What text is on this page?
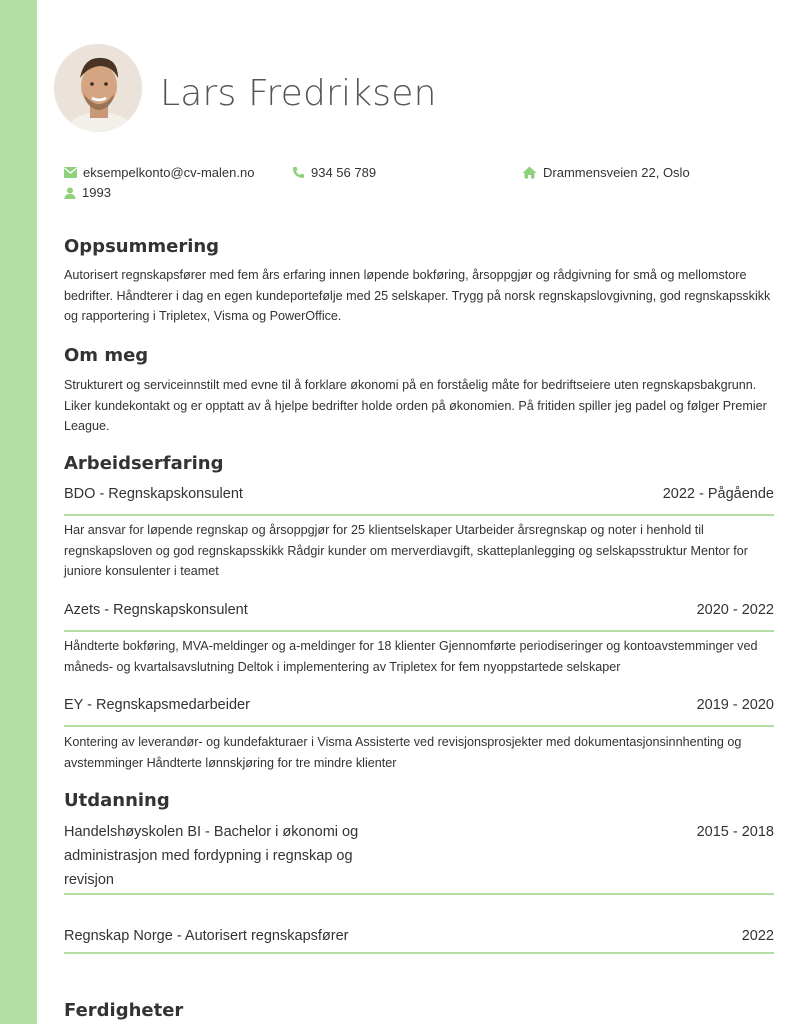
Lars Fredriksen
eksempelkonto@cv-malen.no	934 56 789	Drammensveien 22, Oslo
1993
Oppsummering

Autorisert regnskapsfører med fem års erfaring innen løpende bokføring, årsoppgjør og rådgivning for små og mellomstore bedrifter. Håndterer i dag en egen kundeportefølje med 25 selskaper. Trygg på norsk regnskapslovgivning, god regnskapsskikk og rapportering i Tripletex, Visma og PowerOffice.

Om meg

Strukturert og serviceinnstilt med evne til å forklare økonomi på en forståelig måte for bedriftseiere uten regnskapsbakgrunn. Liker kundekontakt og er opptatt av å hjelpe bedrifter holde orden på økonomien. På fritiden spiller jeg padel og følger Premier League.

Arbeidserfaring
BDO - Regnskapskonsulent	2022 - Pågående

Har ansvar for løpende regnskap og årsoppgjør for 25 klientselskaper Utarbeider årsregnskap og noter i henhold til regnskapsloven og god regnskapsskikk Rådgir kunder om merverdiavgift, skatteplanlegging og selskapsstruktur Mentor for juniore konsulenter i teamet

Azets - Regnskapskonsulent	2020 - 2022

Håndterte bokføring, MVA-meldinger og a-meldinger for 18 klienter Gjennomførte periodiseringer og kontoavstemminger ved måneds- og kvartalsavslutning Deltok i implementering av Tripletex for fem nyoppstartede selskaper

EY - Regnskapsmedarbeider	2019 - 2020

Kontering av leverandør- og kundefakturaer i Visma Assisterte ved revisjonsprosjekter med dokumentasjonsinnhenting og avstemminger Håndterte lønnskjøring for tre mindre klienter

Utdanning
Handelshøyskolen BI - Bachelor i økonomi og administrasjon med fordypning i regnskap og revisjon
2015 - 2018
Regnskap Norge - Autorisert regnskapsfører	2022
Ferdigheter
